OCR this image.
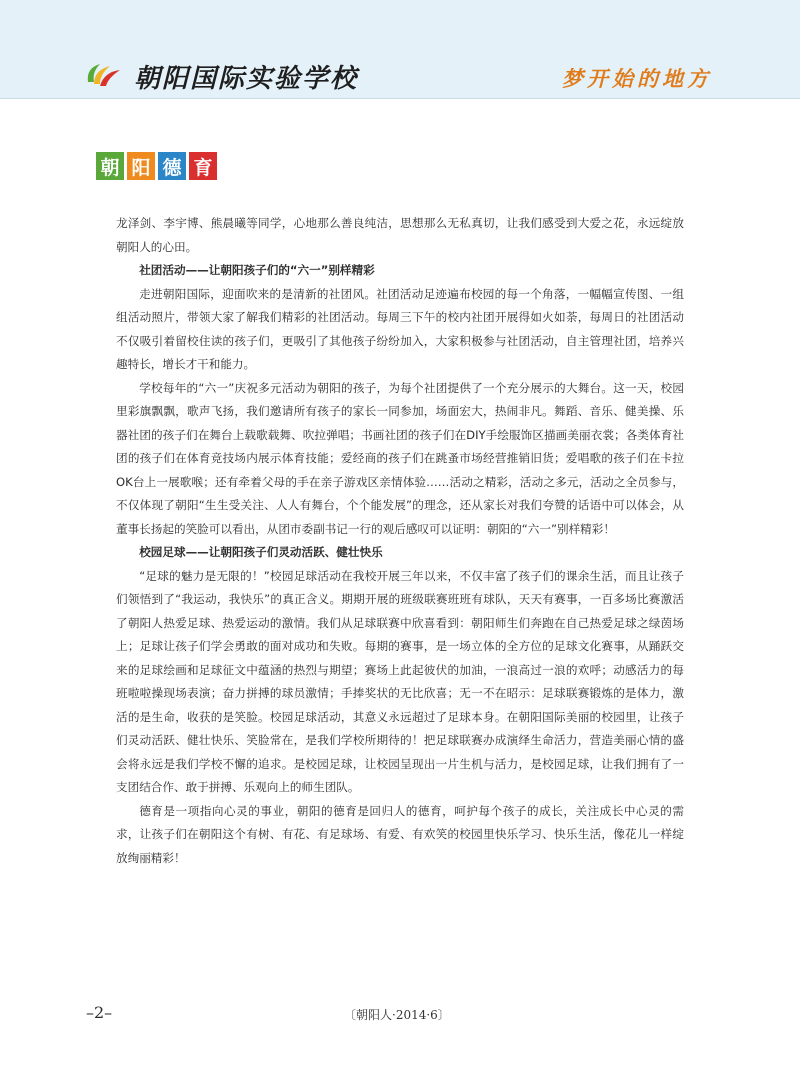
朝阳国际实验学校	梦开始的地方
朝 阳 德 育

龙泽剑、李宇博、熊晨曦等同学，心地那么善良纯洁，思想那么无私真切，让我们感受到大爱之花，永远绽放朝阳人的心田。

社团活动——让朝阳孩子们的“六一”别样精彩

走进朝阳国际，迎面吹来的是清新的社团风。社团活动足迹遍布校园的每一个角落，一幅幅宣传图、一组组活动照片，带领大家了解我们精彩的社团活动。每周三下午的校内社团开展得如火如荼，每周日的社团活动不仅吸引着留校住读的孩子们，更吸引了其他孩子纷纷加入，大家积极参与社团活动，自主管理社团，培养兴趣特长，增长才干和能力。

学校每年的“六一”庆祝多元活动为朝阳的孩子，为每个社团提供了一个充分展示的大舞台。这一天，校园里彩旗飘飘，歌声飞扬，我们邀请所有孩子的家长一同参加，场面宏大，热闹非凡。舞蹈、音乐、健美操、乐器社团的孩子们在舞台上载歌载舞、吹拉弹唱；书画社团的孩子们在DIY手绘服饰区描画美丽衣裳；各类体育社团的孩子们在体育竞技场内展示体育技能；爱经商的孩子们在跳蚤市场经营推销旧货；爱唱歌的孩子们在卡拉OK台上一展歌喉；还有牵着父母的手在亲子游戏区亲情体验……活动之精彩，活动之多元，活动之全员参与，不仅体现了朝阳“生生受关注、人人有舞台，个个能发展”的理念，还从家长对我们夸赞的话语中可以体会，从董事长扬起的笑脸可以看出，从团市委副书记一行的观后感叹可以证明：朝阳的“六一”别样精彩！

校园足球——让朝阳孩子们灵动活跃、健壮快乐

“足球的魅力是无限的！”校园足球活动在我校开展三年以来，不仅丰富了孩子们的课余生活，而且让孩子们领悟到了“我运动，我快乐”的真正含义。期期开展的班级联赛班班有球队，天天有赛事，一百多场比赛激活了朝阳人热爱足球、热爱运动的激情。我们从足球联赛中欣喜看到：朝阳师生们奔跑在自己热爱足球之绿茵场上；足球让孩子们学会勇敢的面对成功和失败。每期的赛事，是一场立体的全方位的足球文化赛事，从踊跃交来的足球绘画和足球征文中蕴涵的热烈与期望；赛场上此起彼伏的加油，一浪高过一浪的欢呼；动感活力的每班啦啦操现场表演；奋力拼搏的球员激情；手捧奖状的无比欣喜；无一不在昭示：足球联赛锻炼的是体力，激活的是生命，收获的是笑脸。校园足球活动，其意义永远超过了足球本身。在朝阳国际美丽的校园里，让孩子们灵动活跃、健壮快乐、笑脸常在，是我们学校所期待的！把足球联赛办成演绎生命活力，营造美丽心情的盛会将永远是我们学校不懈的追求。是校园足球，让校园呈现出一片生机与活力，是校园足球，让我们拥有了一支团结合作、敢于拼搏、乐观向上的师生团队。

德育是一项指向心灵的事业，朝阳的德育是回归人的德育，呵护每个孩子的成长，关注成长中心灵的需求，让孩子们在朝阳这个有树、有花、有足球场、有爱、有欢笑的校园里快乐学习、快乐生活，像花儿一样绽放绚丽精彩！

–2–	〔朝阳人·2014·6〕
